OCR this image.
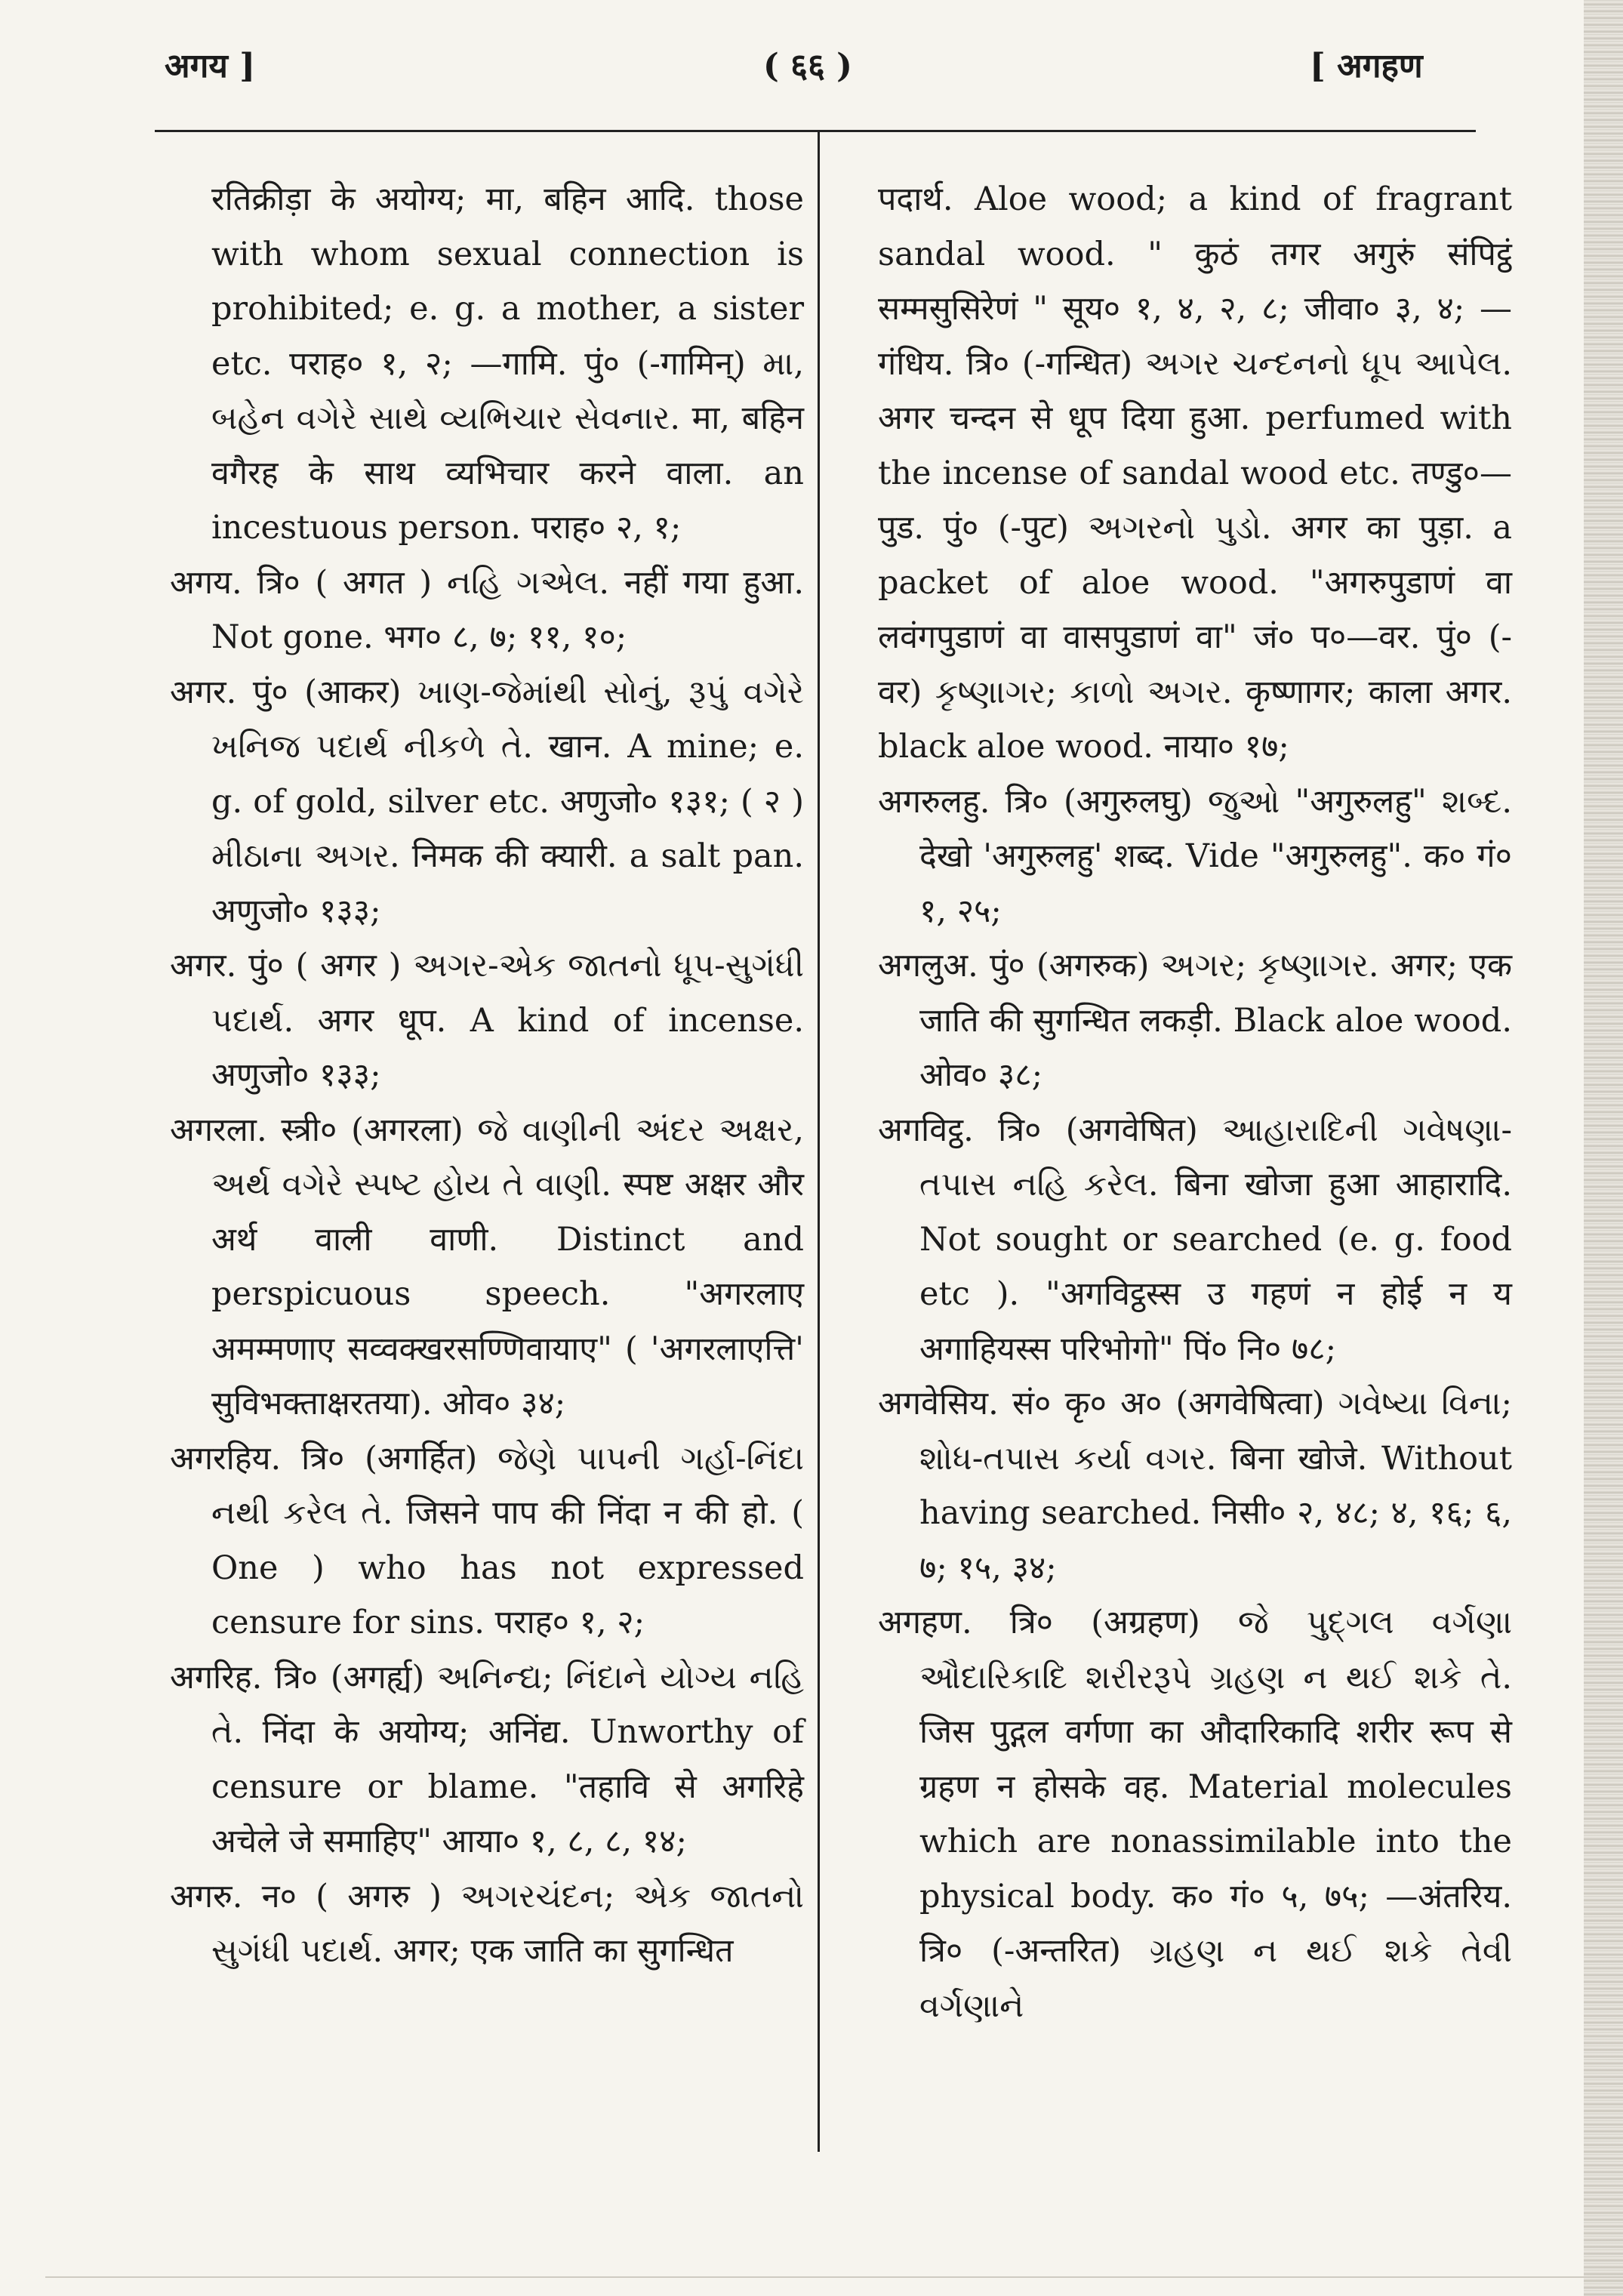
अगय ]	( ६६ )	[ अगहण

रतिक्रीड़ा के अयोग्य; मा, बहिन आदि. those with whom sexual connection is prohibited; e. g. a mother, a sister etc. पराह० १, २; —गामि. पुं० (-गामिन्) મા, બહેન વગેરે સાથે વ્યભિચાર સેવનાર. मा, बहिन वगैरह के साथ व्यभिचार करने वाला. an incestuous person. पराह० २, १;

अगय. त्रि० ( अगत ) નહિ ગએલ. नहीं गया हुआ. Not gone. भग० ८, ७; ११, १०;

अगर. पुं० (आकर) ખાણ-જેમાંથી સોનું, રૂપું વગેરે ખનિજ પદાર્થ નીકળે તે. खान. A mine; e. g. of gold, silver etc. अणुजो० १३१; ( २ ) મીઠાના અગર. निमक की क्यारी. a salt pan. अणुजो० १३३;

अगर. पुं० ( अगर ) અગર-એક જાતનો ધૂપ-સુગંધી પદાર્થ. अगर धूप. A kind of incense. अणुजो० १३३;

अगरला. स्त्री० (अगरला) જે વાણીની અંદર અક્ષર, અર્થ વગેરે સ્પષ્ટ હોય તે વાણી. स्पष्ट अक्षर और अर्थ वाली वाणी. Distinct and perspicuous speech. "अगरलाए अमम्मणाए सव्वक्खरसण्णिवायाए" ( 'अगरलाएत्ति' सुविभक्ताक्षरतया). ओव० ३४;

अगरहिय. त्रि० (अगर्हित) જેણે પાપની ગર્હા-નિંદા નથી કરેલ તે. जिसने पाप की निंदा न की हो. ( One ) who has not expressed censure for sins. पराह० १, २;

अगरिह. त्रि० (अगर्ह्य) અનિન્દ્ય; નિંદાને યોગ્ય નહિ તે. निंदा के अयोग्य; अनिंद्य. Unworthy of censure or blame. "तहावि से अगरिहे अचेले जे समाहिए" आया० १, ८, ८, १४;

अगरु. न० ( अगरु ) અગરચંદન; એક જાતનો સુગંધી પદાર્થ. अगर; एक जाति का सुगन्धित

पदार्थ. Aloe wood; a kind of fragrant sandal wood. " कुठं तगर अगुरुं संपिट्ठं सम्मसुसिरेणं " सूय० १, ४, २, ८; जीवा० ३, ४; —गंधिय. त्रि० (-गन्धित) અગર ચન્દનનો ધૂપ આપેલ. अगर चन्दन से धूप दिया हुआ. perfumed with the incense of sandal wood etc. तण्डु०—पुड. पुं० (-पुट) અગરનો પુડો. अगर का पुड़ा. a packet of aloe wood. "अगरुपुडाणं वा लवंगपुडाणं वा वासपुडाणं वा" जं० प०—वर. पुं० (-वर) કૃષ્ણાગર; કાળો અગર. कृष्णागर; काला अगर. black aloe wood. नाया० १७;

अगरुलहु. त्रि० (अगुरुलघु) જુઓ "अगुरुलहु" શબ્દ. देखो 'अगुरुलहु' शब्द. Vide "अगुरुलहु". क० गं० १, २५;

अगलुअ. पुं० (अगरुक) અગર; કૃષ્ણાગર. अगर; एक जाति की सुगन्धित लकड़ी. Black aloe wood. ओव० ३८;

अगविट्ठ. त्रि० (अगवेषित) આહારાદિની ગવેષણા-તપાસ નહિ કરેલ. बिना खोजा हुआ आहारादि. Not sought or searched (e. g. food etc ). "अगविट्ठस्स उ गहणं न होई न य अगाहियस्स परिभोगो" पिं० नि० ७८;

अगवेसिय. सं० कृ० अ० (अगवेषित्वा) ગવેષ્યા વિના; શોધ-તપાસ કર્યા વગર. बिना खोजे. Without having searched. निसी० २, ४८; ४, १६; ६, ७; १५, ३४;

अगहण. त्रि० (अग्रहण) જે પુદ્ગલ વર્ગણા ઔદારિકાદિ શરીરરૂપે ગ્રહણ ન થઈ શકે તે. जिस पुद्गल वर्गणा का औदारिकादि शरीर रूप से ग्रहण न होसके वह. Material molecules which are nonassimilable into the physical body. क० गं० ५, ७५; —अंतरिय. त्रि० (-अन्तरित) ગ્રહણ ન થઈ શકે તેવી વર્ગણાને
